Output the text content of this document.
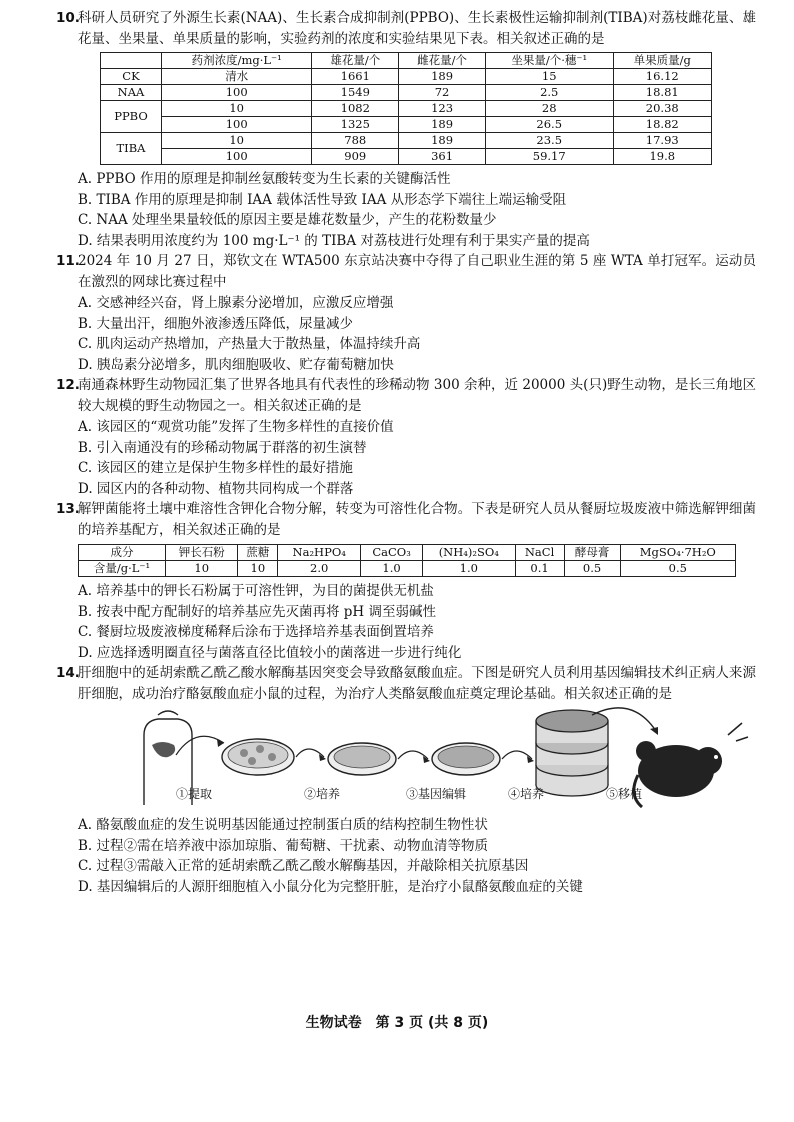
10.
科研人员研究了外源生长素(NAA)、生长素合成抑制剂(PPBO)、生长素极性运输抑制剂(TIBA)对荔枝雌花量、雄花量、坐果量、单果质量的影响，实验药剂的浓度和实验结果见下表。相关叙述正确的是
	药剂浓度/mg·L⁻¹	雄花量/个	雌花量/个	坐果量/个·穗⁻¹	单果质量/g
CK	清水	1661	189	15	16.12
NAA	100	1549	72	2.5	18.81
PPBO	10	1082	123	28	20.38
	100	1325	189	26.5	18.82
TIBA	10	788	189	23.5	17.93
	100	909	361	59.17	19.8
A. PPBO 作用的原理是抑制丝氨酸转变为生长素的关键酶活性
B. TIBA 作用的原理是抑制 IAA 载体活性导致 IAA 从形态学下端往上端运输受阻
C. NAA 处理坐果量较低的原因主要是雄花数量少，产生的花粉数量少
D. 结果表明用浓度约为 100 mg·L⁻¹ 的 TIBA 对荔枝进行处理有利于果实产量的提高
11.
2024 年 10 月 27 日，郑钦文在 WTA500 东京站决赛中夺得了自己职业生涯的第 5 座 WTA 单打冠军。运动员在激烈的网球比赛过程中
A. 交感神经兴奋，肾上腺素分泌增加，应激反应增强
B. 大量出汗，细胞外液渗透压降低，尿量减少
C. 肌肉运动产热增加，产热量大于散热量，体温持续升高
D. 胰岛素分泌增多，肌肉细胞吸收、贮存葡萄糖加快
12.
南通森林野生动物园汇集了世界各地具有代表性的珍稀动物 300 余种，近 20000 头(只)野生动物，是长三角地区较大规模的野生动物园之一。相关叙述正确的是
A. 该园区的“观赏功能”发挥了生物多样性的直接价值
B. 引入南通没有的珍稀动物属于群落的初生演替
C. 该园区的建立是保护生物多样性的最好措施
D. 园区内的各种动物、植物共同构成一个群落
13.
解钾菌能将土壤中难溶性含钾化合物分解，转变为可溶性化合物。下表是研究人员从餐厨垃圾废液中筛选解钾细菌的培养基配方，相关叙述正确的是
成分	钾长石粉	蔗糖	Na₂HPO₄	CaCO₃	(NH₄)₂SO₄	NaCl	酵母膏	MgSO₄·7H₂O
含量/g·L⁻¹	10	10	2.0	1.0	1.0	0.1	0.5	0.5
A. 培养基中的钾长石粉属于可溶性钾，为目的菌提供无机盐
B. 按表中配方配制好的培养基应先灭菌再将 pH 调至弱碱性
C. 餐厨垃圾废液梯度稀释后涂布于选择培养基表面倒置培养
D. 应选择透明圈直径与菌落直径比值较小的菌落进一步进行纯化
14.
肝细胞中的延胡索酰乙酰乙酸水解酶基因突变会导致酪氨酸血症。下图是研究人员利用基因编辑技术纠正病人来源肝细胞，成功治疗酪氨酸血症小鼠的过程，为治疗人类酪氨酸血症奠定理论基础。相关叙述正确的是
①提取	②培养	③基因编辑	④培养	⑤移植
A. 酪氨酸血症的发生说明基因能通过控制蛋白质的结构控制生物性状
B. 过程②需在培养液中添加琼脂、葡萄糖、干扰素、动物血清等物质
C. 过程③需敲入正常的延胡索酰乙酰乙酸水解酶基因，并敲除相关抗原基因
D. 基因编辑后的人源肝细胞植入小鼠分化为完整肝脏，是治疗小鼠酪氨酸血症的关键
生物试卷　第 3 页 (共 8 页)
